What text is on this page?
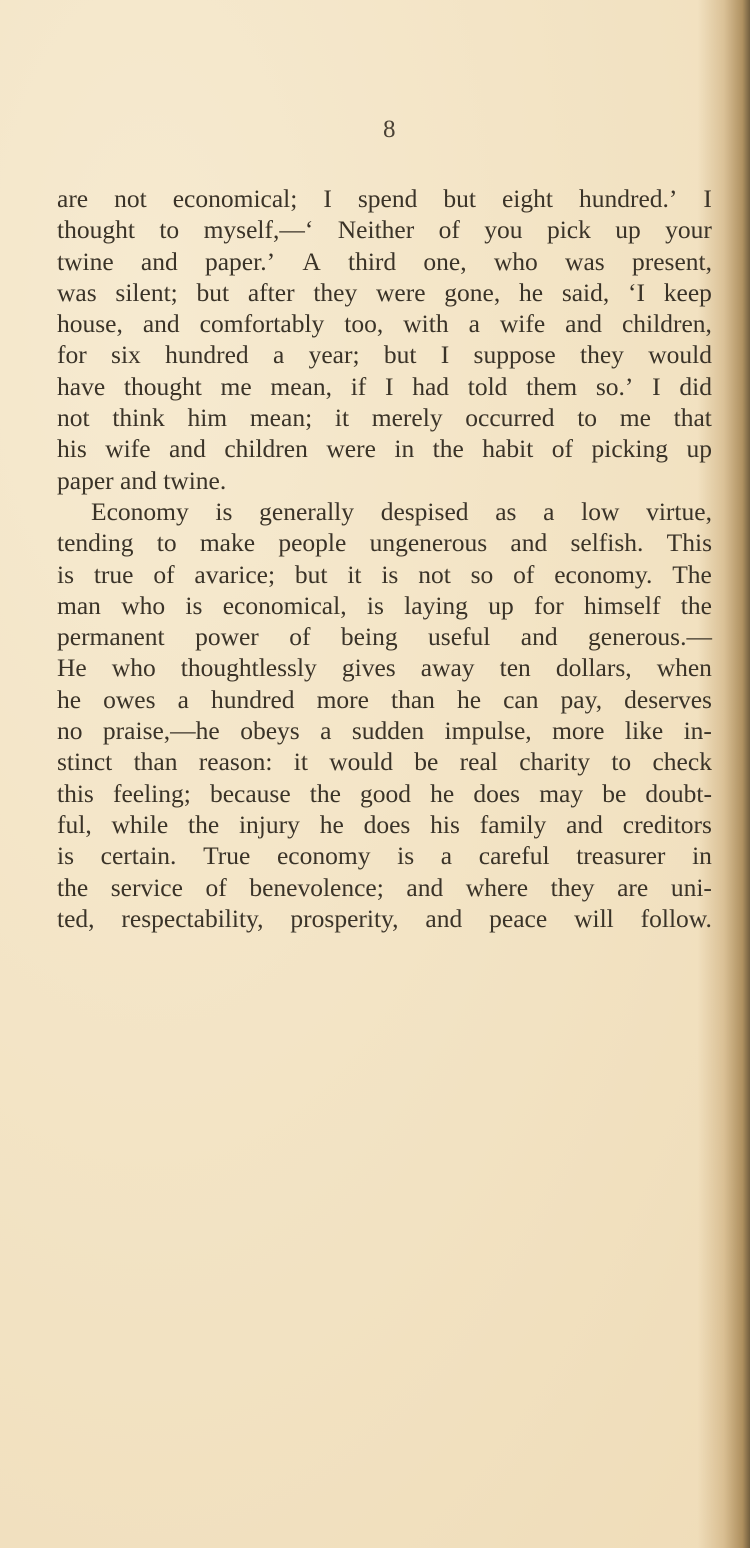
8
are not economical; I spend but eight hundred.’ I
thought to myself,—‘ Neither of you pick up your
twine and paper.’ A third one, who was present,
was silent; but after they were gone, he said, ‘I keep
house, and comfortably too, with a wife and children,
for six hundred a year; but I suppose they would
have thought me mean, if I had told them so.’ I did
not think him mean; it merely occurred to me that
his wife and children were in the habit of picking up
paper and twine.
Economy is generally despised as a low virtue,
tending to make people ungenerous and selfish. This
is true of avarice; but it is not so of economy. The
man who is economical, is laying up for himself the
permanent power of being useful and generous.—
He who thoughtlessly gives away ten dollars, when
he owes a hundred more than he can pay, deserves
no praise,—he obeys a sudden impulse, more like in-
stinct than reason: it would be real charity to check
this feeling; because the good he does may be doubt-
ful, while the injury he does his family and creditors
is certain. True economy is a careful treasurer in
the service of benevolence; and where they are uni-
ted, respectability, prosperity, and peace will follow.
